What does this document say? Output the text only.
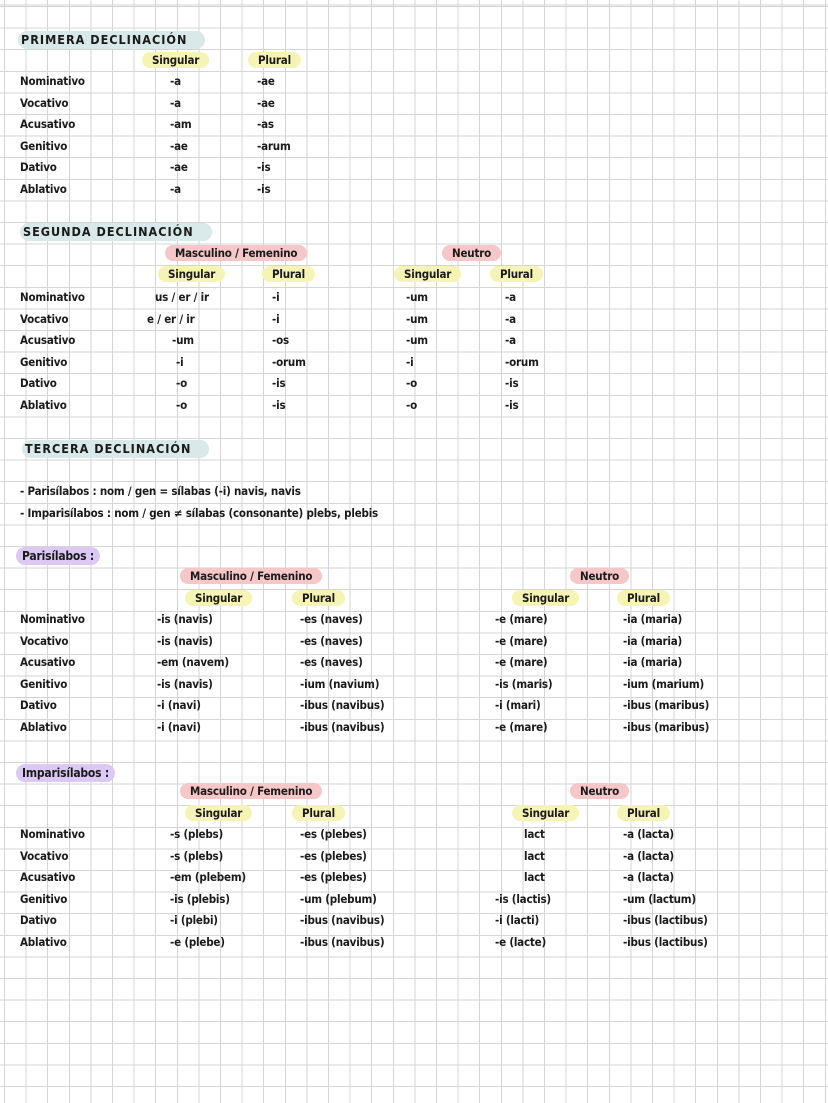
PRIMERA DECLINACIÓN
Singular	Plural
Nominativo	-a	-ae
Vocativo	-a	-ae
Acusativo	-am	-as
Genitivo	-ae	-arum
Dativo	-ae	-is
Ablativo	-a	-is
SEGUNDA DECLINACIÓN
Masculino / Femenino	Neutro
Singular	Plural	Singular	Plural
Nominativo	us / er / ir	-i	-um	-a
Vocativo	e / er / ir	-i	-um	-a
Acusativo	-um	-os	-um	-a
Genitivo	-i	-orum	-i	-orum
Dativo	-o	-is	-o	-is
Ablativo	-o	-is	-o	-is
TERCERA DECLINACIÓN
- Parisílabos : nom / gen = sílabas (-i) navis, navis
- Imparisílabos : nom / gen ≠ sílabas (consonante) plebs, plebis
Parisílabos :
Masculino / Femenino	Neutro
Singular	Plural	Singular	Plural
Nominativo	-is (navis)	-es (naves)	-e (mare)	-ia (maria)
Vocativo	-is (navis)	-es (naves)	-e (mare)	-ia (maria)
Acusativo	-em (navem)	-es (naves)	-e (mare)	-ia (maria)
Genitivo	-is (navis)	-ium (navium)	-is (maris)	-ium (marium)
Dativo	-i (navi)	-ibus (navibus)	-i (mari)	-ibus (maribus)
Ablativo	-i (navi)	-ibus (navibus)	-e (mare)	-ibus (maribus)
Imparisílabos :
Masculino / Femenino	Neutro
Singular	Plural	Singular	Plural
Nominativo	-s (plebs)	-es (plebes)	lact	-a (lacta)
Vocativo	-s (plebs)	-es (plebes)	lact	-a (lacta)
Acusativo	-em (plebem)	-es (plebes)	lact	-a (lacta)
Genitivo	-is (plebis)	-um (plebum)	-is (lactis)	-um (lactum)
Dativo	-i (plebi)	-ibus (navibus)	-i (lacti)	-ibus (lactibus)
Ablativo	-e (plebe)	-ibus (navibus)	-e (lacte)	-ibus (lactibus)
